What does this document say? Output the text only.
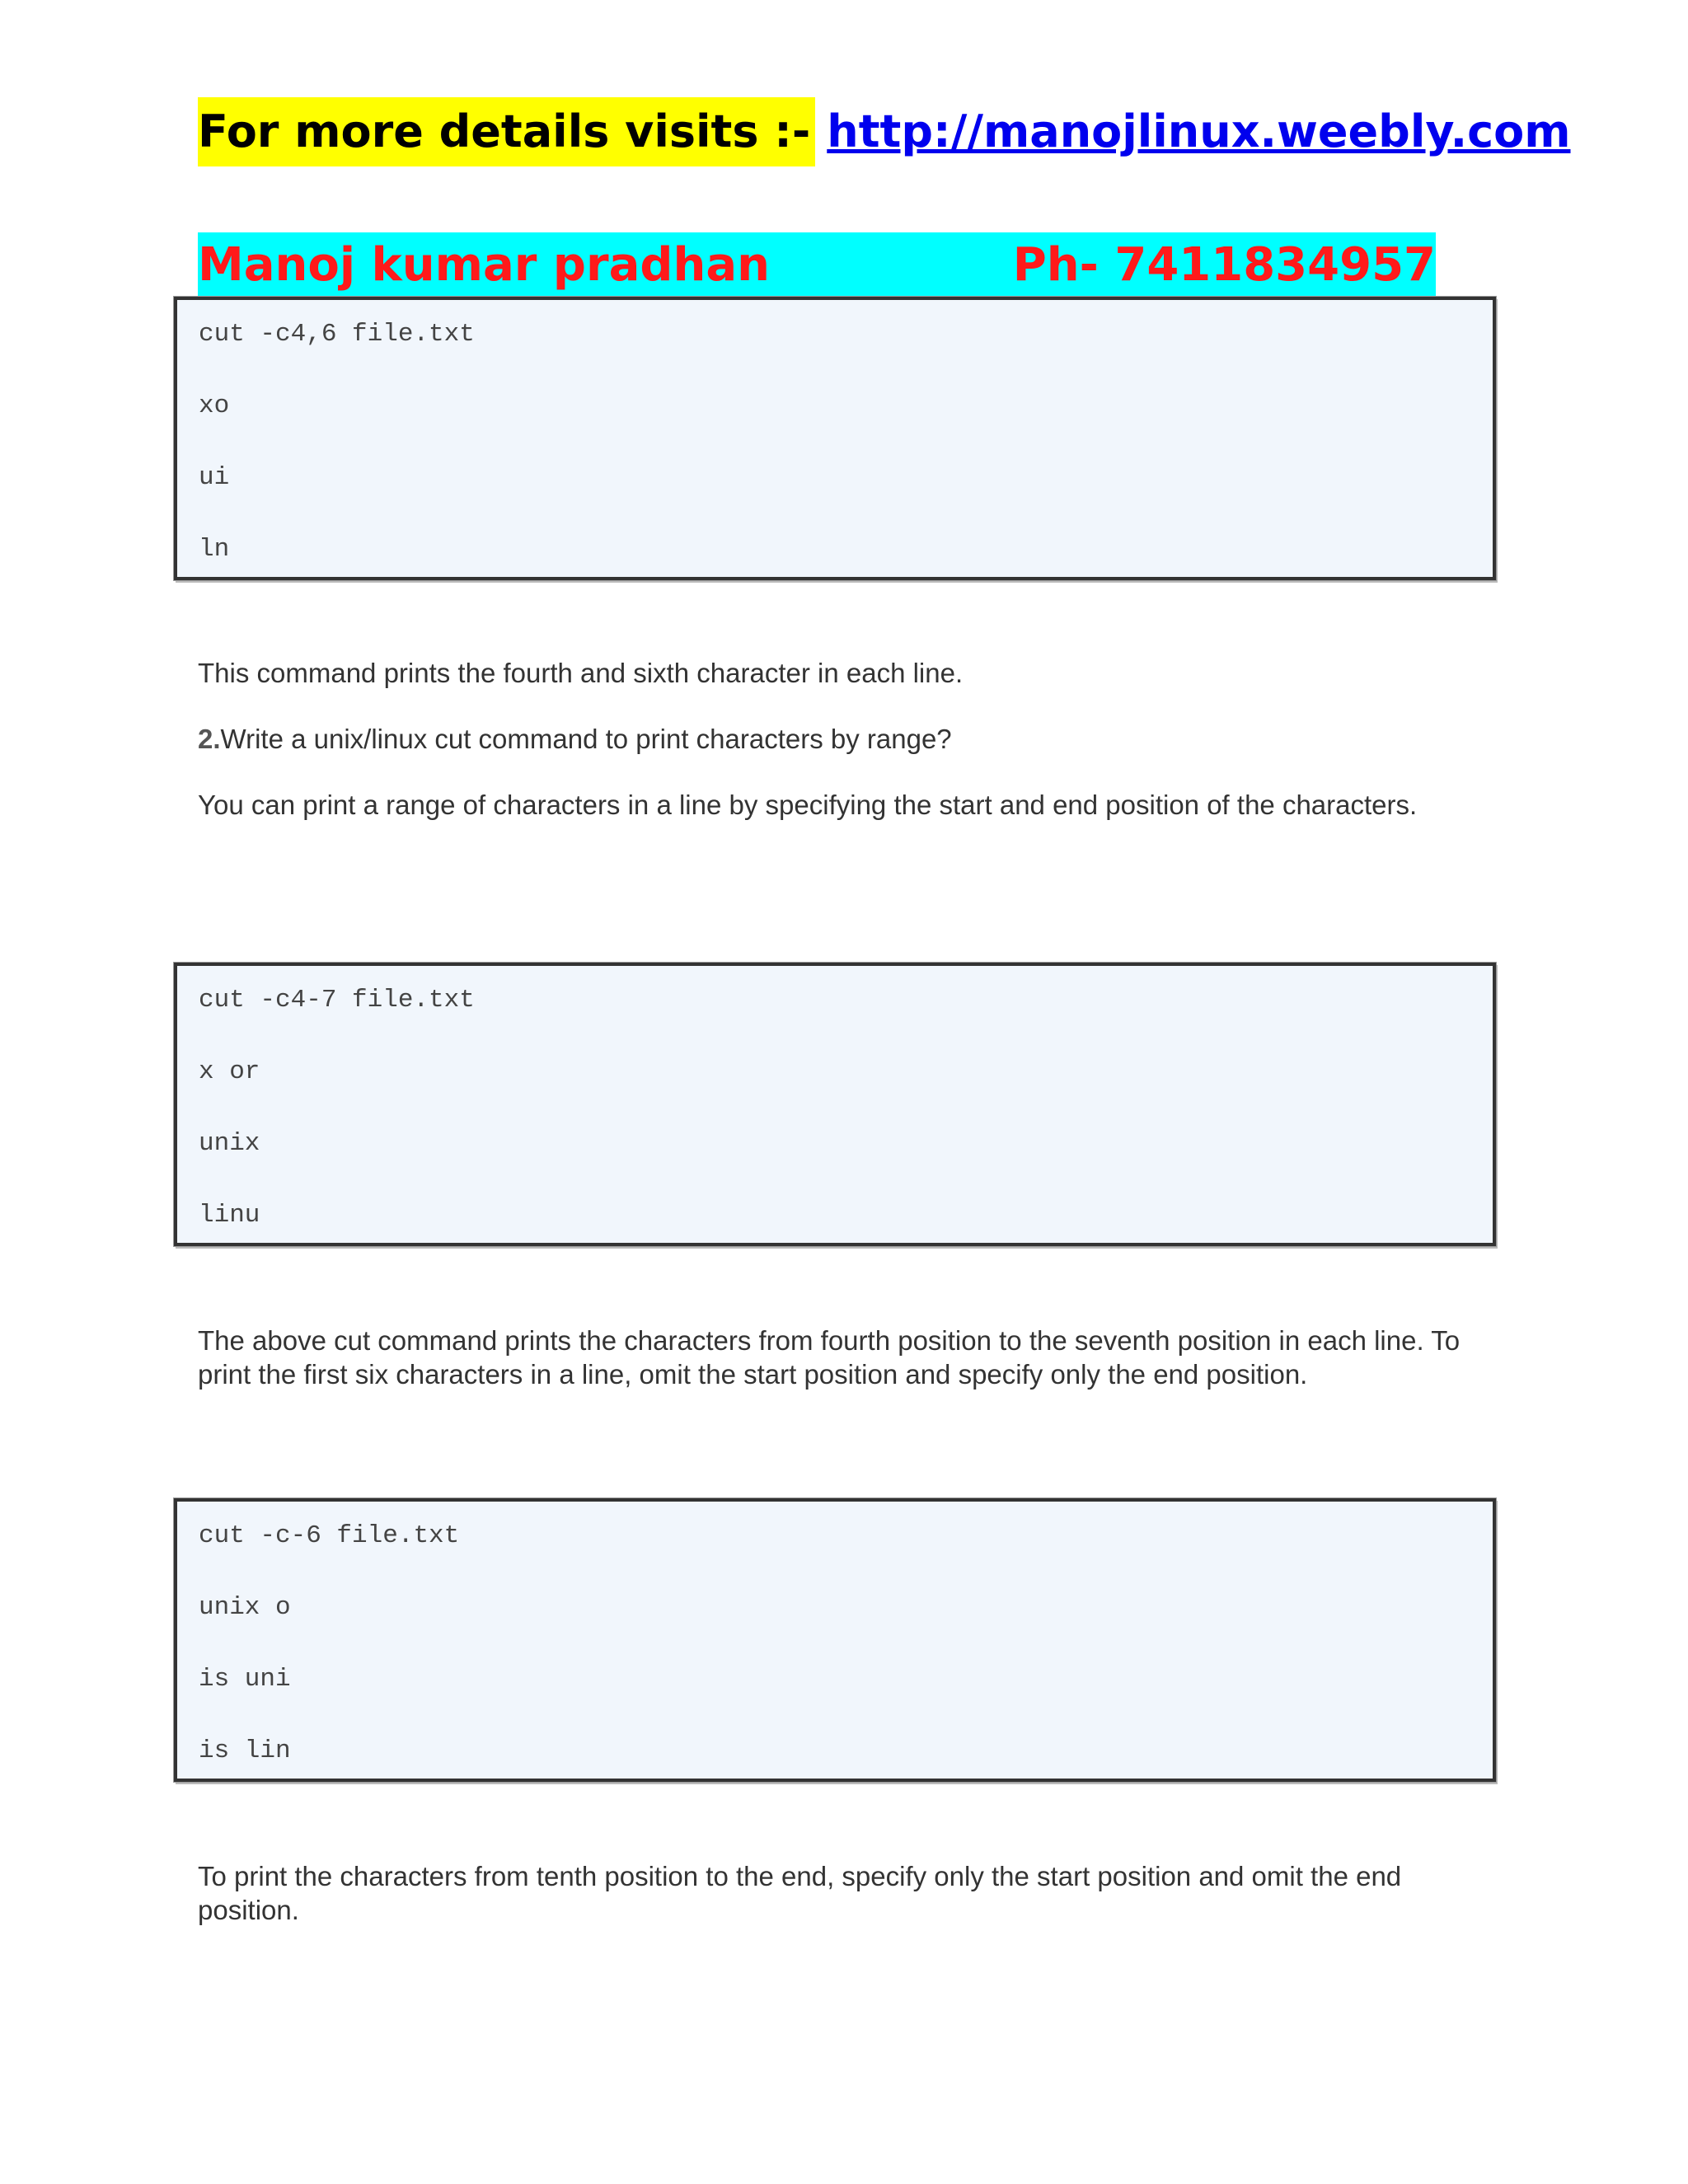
For more details visits :- http://manojlinux.weebly.com
Manoj kumar pradhan	Ph- 7411834957
cut -c4,6 file.txt
xo
ui
ln
This command prints the fourth and sixth character in each line.
2.Write a unix/linux cut command to print characters by range?
You can print a range of characters in a line by specifying the start and end position of the characters.
cut -c4-7 file.txt
x or
unix
linu
The above cut command prints the characters from fourth position to the seventh position in each line. To print the first six characters in a line, omit the start position and specify only the end position.
cut -c-6 file.txt
unix o
is uni
is lin
To print the characters from tenth position to the end, specify only the start position and omit the end position.
